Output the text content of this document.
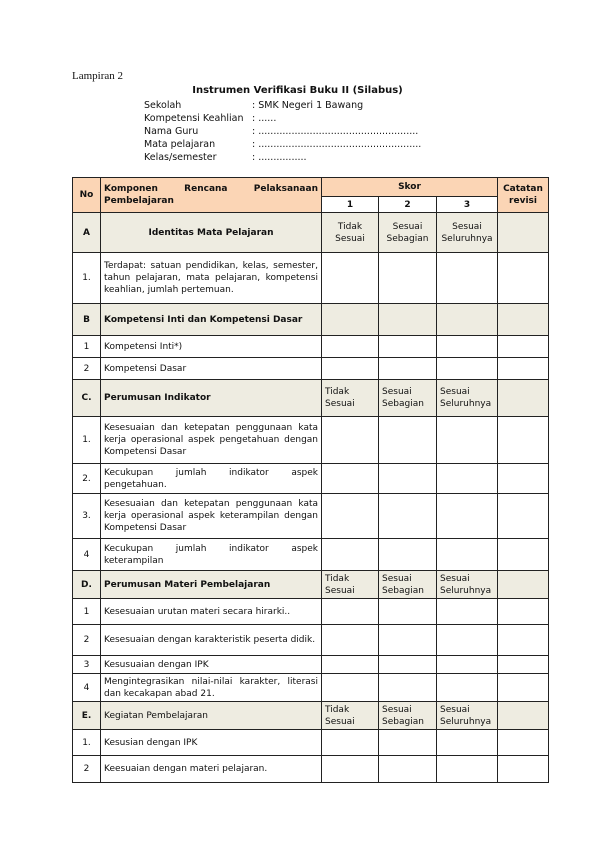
Lampiran 2
Instrumen Verifikasi Buku II (Silabus)
Sekolah	: SMK Negeri 1 Bawang
Kompetensi Keahlian : ......
Nama Guru	: .....................................................
Mata pelajaran	: ......................................................
Kelas/semester	: ................
No	Komponen Rencana Pelaksanaan Pembelajaran	Skor			Catatan revisi
		1	2	3	
A	Identitas Mata Pelajaran	Tidak Sesuai	Sesuai Sebagian	Sesuai Seluruhnya	
1.	Terdapat: satuan pendidikan, kelas, semester, tahun pelajaran, mata pelajaran, kompetensi keahlian, jumlah pertemuan.				
B	Kompetensi Inti dan Kompetensi Dasar				
1	Kompetensi Inti*)				
2	Kompetensi Dasar				
C.	Perumusan Indikator	Tidak Sesuai	Sesuai Sebagian	Sesuai Seluruhnya	
1.	Kesesuaian dan ketepatan penggunaan kata kerja operasional aspek pengetahuan dengan Kompetensi Dasar				
2.	Kecukupan jumlah indikator aspek pengetahuan.				
3.	Kesesuaian dan ketepatan penggunaan kata kerja operasional aspek keterampilan dengan Kompetensi Dasar				
4	Kecukupan jumlah indikator aspek keterampilan				
D.	Perumusan Materi Pembelajaran	Tidak Sesuai	Sesuai Sebagian	Sesuai Seluruhnya	
1	Kesesuaian urutan materi secara hirarki..				
2	Kesesuaian dengan karakteristik peserta didik.				
3	Kesusuaian dengan IPK				
4	Mengintegrasikan nilai-nilai karakter, literasi dan kecakapan abad 21.				
E.	Kegiatan Pembelajaran	Tidak Sesuai	Sesuai Sebagian	Sesuai Seluruhnya	
1.	Kesusian dengan IPK				
2	Keesuaian dengan materi pelajaran.				
